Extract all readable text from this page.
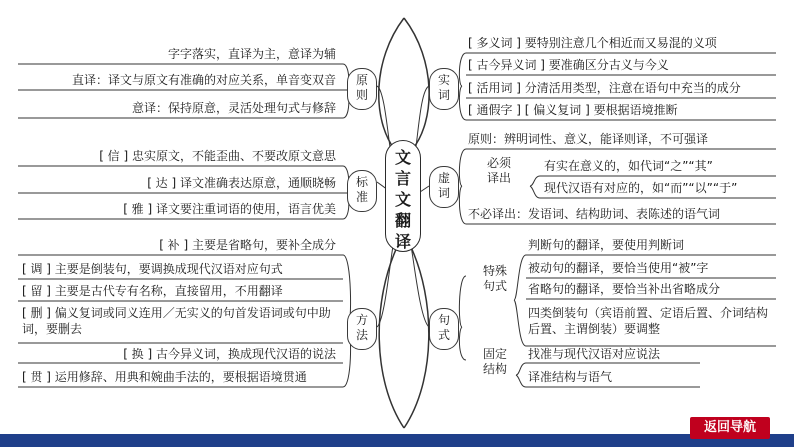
文言文翻译
原则
标准
方法
实词
虚词
句式
字字落实，直译为主，意译为辅
直译：译文与原文有准确的对应关系，单音变双音
意译：保持原意，灵活处理句式与修辞
[ 信 ] 忠实原文，不能歪曲、不要改原文意思
[ 达 ] 译文准确表达原意，通顺晓畅
[ 雅 ] 译文要注重词语的使用，语言优美
[ 补 ] 主要是省略句，要补全成分
[ 调 ] 主要是倒装句，要调换成现代汉语对应句式
[ 留 ] 主要是古代专有名称，直接留用，不用翻译
[ 删 ] 偏义复词或同义连用／无实义的句首发语词或句中助词，要删去
[ 换 ] 古今异义词，换成现代汉语的说法
[ 贯 ] 运用修辞、用典和婉曲手法的，要根据语境贯通
[ 多义词 ] 要特别注意几个相近而又易混的义项
[ 古今异义词 ] 要准确区分古义与今义
[ 活用词 ] 分清活用类型，注意在语句中充当的成分
[ 通假字 ] [ 偏义复词 ] 要根据语境推断
原则：辨明词性、意义，能译则译，不可强译
必须译出
有实在意义的，如代词“之”“其”
现代汉语有对应的，如“而”“以”“于”
不必译出：发语词、结构助词、表陈述的语气词
特殊句式
判断句的翻译，要使用判断词
被动句的翻译，要恰当使用“被”字
省略句的翻译，要恰当补出省略成分
四类倒装句（宾语前置、定语后置、介词结构后置、主谓倒装）要调整
固定结构
找准与现代汉语对应说法
译准结构与语气
返回导航
